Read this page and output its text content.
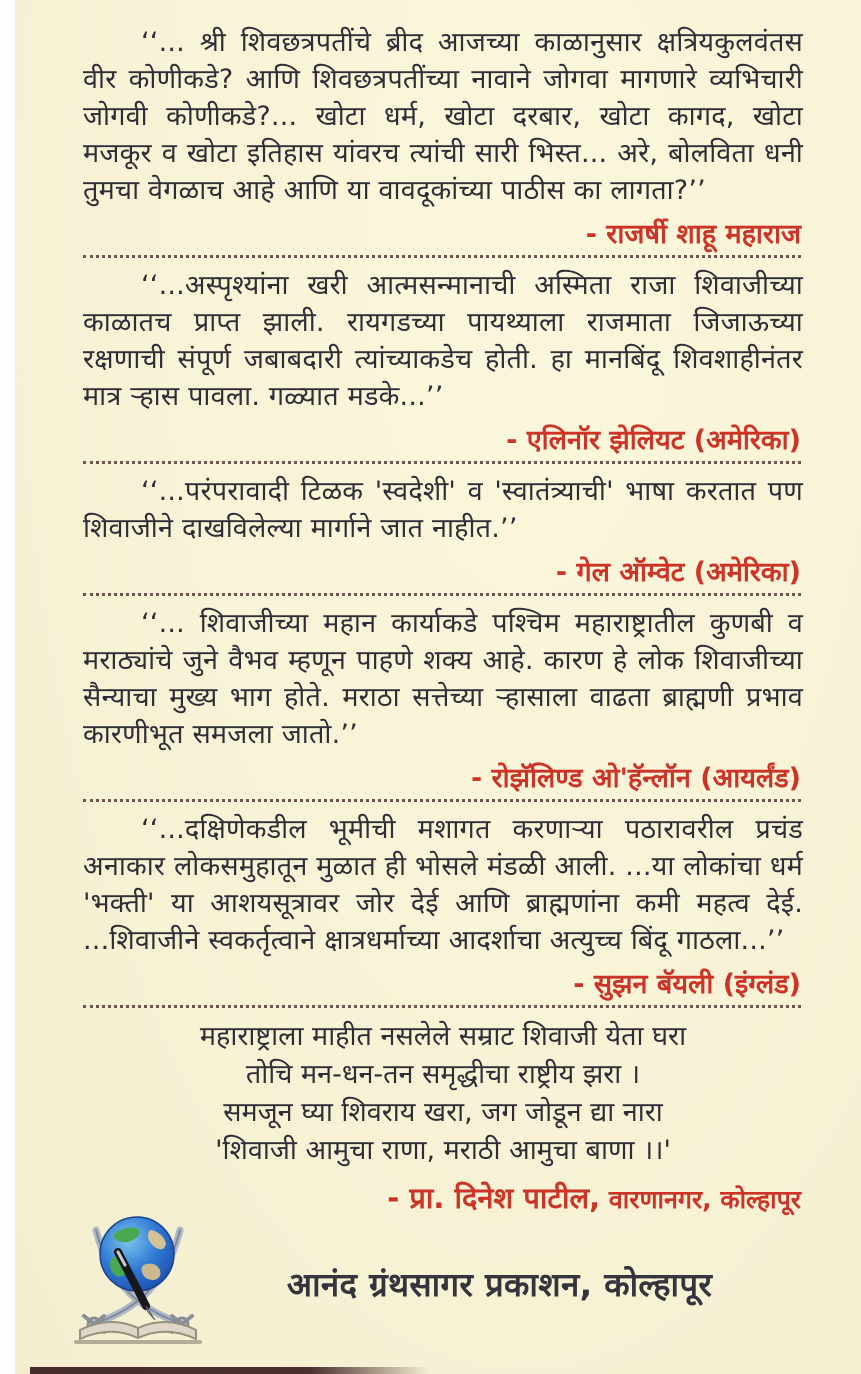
‘‘... श्री शिवछत्रपतींचे ब्रीद आजच्या काळानुसार क्षत्रियकुलवंतस वीर कोणीकडे? आणि शिवछत्रपतींच्या नावाने जोगवा मागणारे व्यभिचारी जोगवी कोणीकडे?... खोटा धर्म, खोटा दरबार, खोटा कागद, खोटा मजकूर व खोटा इतिहास यांवरच त्यांची सारी भिस्त... अरे, बोलविता धनी तुमचा वेगळाच आहे आणि या वावदूकांच्या पाठीस का लागता?’’

- राजर्षी शाहू महाराज

‘‘...अस्पृश्यांना खरी आत्मसन्मानाची अस्मिता राजा शिवाजीच्या काळातच प्राप्त झाली. रायगडच्या पायथ्याला राजमाता जिजाऊच्या रक्षणाची संपूर्ण जबाबदारी त्यांच्याकडेच होती. हा मानबिंदू शिवशाहीनंतर मात्र ऱ्हास पावला. गळ्यात मडके...’’

- एलिनॉर झेलियट (अमेरिका)

‘‘...परंपरावादी टिळक 'स्वदेशी' व 'स्वातंत्र्याची' भाषा करतात पण शिवाजीने दाखविलेल्या मार्गाने जात नाहीत.’’

- गेल ऑम्वेट (अमेरिका)

‘‘... शिवाजीच्या महान कार्याकडे पश्चिम महाराष्ट्रातील कुणबी व मराठ्यांचे जुने वैभव म्हणून पाहणे शक्य आहे. कारण हे लोक शिवाजीच्या सैन्याचा मुख्य भाग होते. मराठा सत्तेच्या ऱ्हासाला वाढता ब्राह्मणी प्रभाव कारणीभूत समजला जातो.’’

- रोझॅलिण्ड ओ'हॅन्लॉन (आयर्लंड)

‘‘...दक्षिणेकडील भूमीची मशागत करणाऱ्या पठारावरील प्रचंड अनाकार लोकसमुहातून मुळात ही भोसले मंडळी आली. ...या लोकांचा धर्म 'भक्ती' या आशयसूत्रावर जोर देई आणि ब्राह्मणांना कमी महत्व देई. ...शिवाजीने स्वकर्तृत्वाने क्षात्रधर्माच्या आदर्शाचा अत्युच्च बिंदू गाठला...’’

- सुझन बॅयली (इंग्लंड)
महाराष्ट्राला माहीत नसलेले सम्राट शिवाजी येता घरा
तोचि मन-धन-तन समृद्धीचा राष्ट्रीय झरा ।
समजून घ्या शिवराय खरा, जग जोडून द्या नारा
'शिवाजी आमुचा राणा, मराठी आमुचा बाणा ।।'
- प्रा. दिनेश पाटील, वारणानगर, कोल्हापूर
आनंद ग्रंथसागर प्रकाशन, कोल्हापूर
